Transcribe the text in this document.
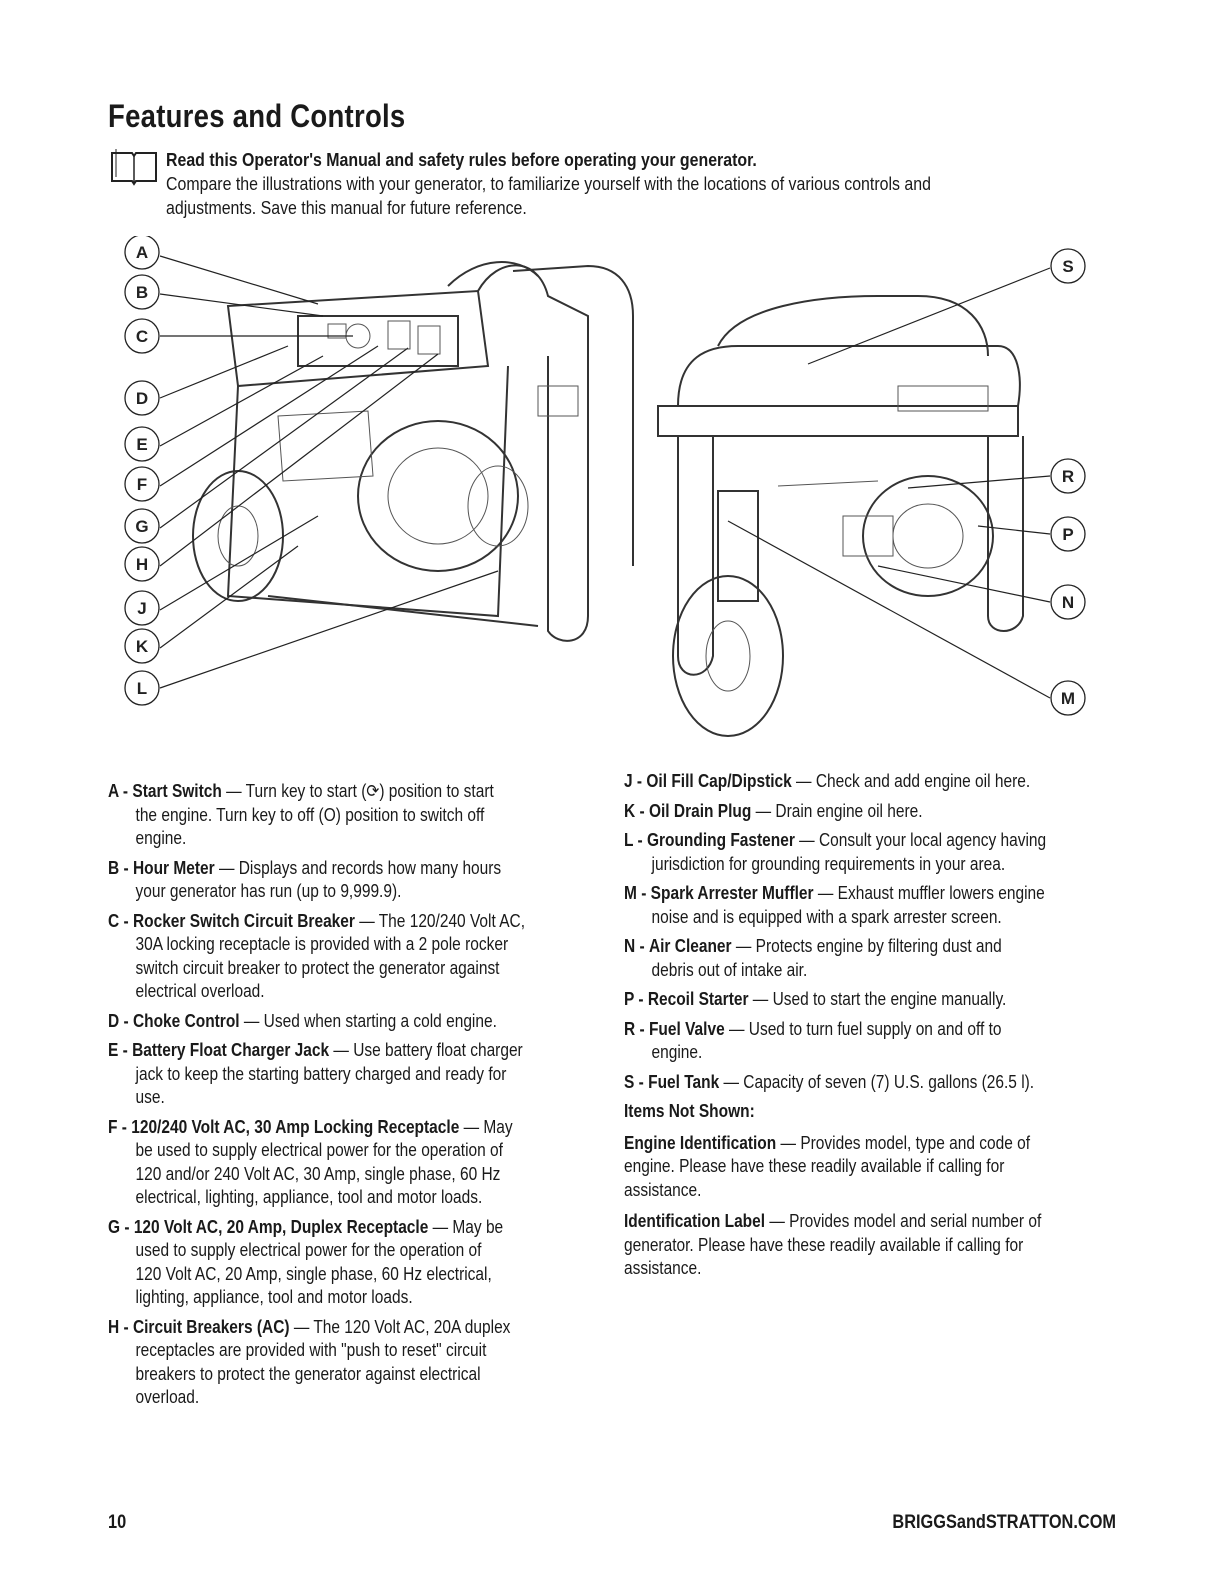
Features and Controls
Read this Operator's Manual and safety rules before operating your generator.
Compare the illustrations with your generator, to familiarize yourself with the locations of various controls and
adjustments. Save this manual for future reference.
A
B
C
D
E
F
G
H
J
K
L
S
R
P
N
M
A - Start Switch — Turn key to start (⟳) position to start
the engine. Turn key to off (O) position to switch off
engine.
B - Hour Meter — Displays and records how many hours
your generator has run (up to 9,999.9).
C - Rocker Switch Circuit Breaker — The 120/240 Volt AC,
30A locking receptacle is provided with a 2 pole rocker
switch circuit breaker to protect the generator against
electrical overload.
D - Choke Control — Used when starting a cold engine.
E - Battery Float Charger Jack — Use battery float charger
jack to keep the starting battery charged and ready for
use.
F - 120/240 Volt AC, 30 Amp Locking Receptacle — May
be used to supply electrical power for the operation of
120 and/or 240 Volt AC, 30 Amp, single phase, 60 Hz
electrical, lighting, appliance, tool and motor loads.
G - 120 Volt AC, 20 Amp, Duplex Receptacle — May be
used to supply electrical power for the operation of
120 Volt AC, 20 Amp, single phase, 60 Hz electrical,
lighting, appliance, tool and motor loads.
H - Circuit Breakers (AC) — The 120 Volt AC, 20A duplex
receptacles are provided with "push to reset" circuit
breakers to protect the generator against electrical
overload.
J - Oil Fill Cap/Dipstick — Check and add engine oil here.
K - Oil Drain Plug — Drain engine oil here.
L - Grounding Fastener — Consult your local agency having
jurisdiction for grounding requirements in your area.
M - Spark Arrester Muffler — Exhaust muffler lowers engine
noise and is equipped with a spark arrester screen.
N - Air Cleaner — Protects engine by filtering dust and
debris out of intake air.
P - Recoil Starter — Used to start the engine manually.
R - Fuel Valve — Used to turn fuel supply on and off to
engine.
S - Fuel Tank — Capacity of seven (7) U.S. gallons (26.5 l).
Items Not Shown:
Engine Identification — Provides model, type and code of
engine. Please have these readily available if calling for
assistance.
Identification Label — Provides model and serial number of
generator. Please have these readily available if calling for
assistance.
10	BRIGGSandSTRATTON.COM
